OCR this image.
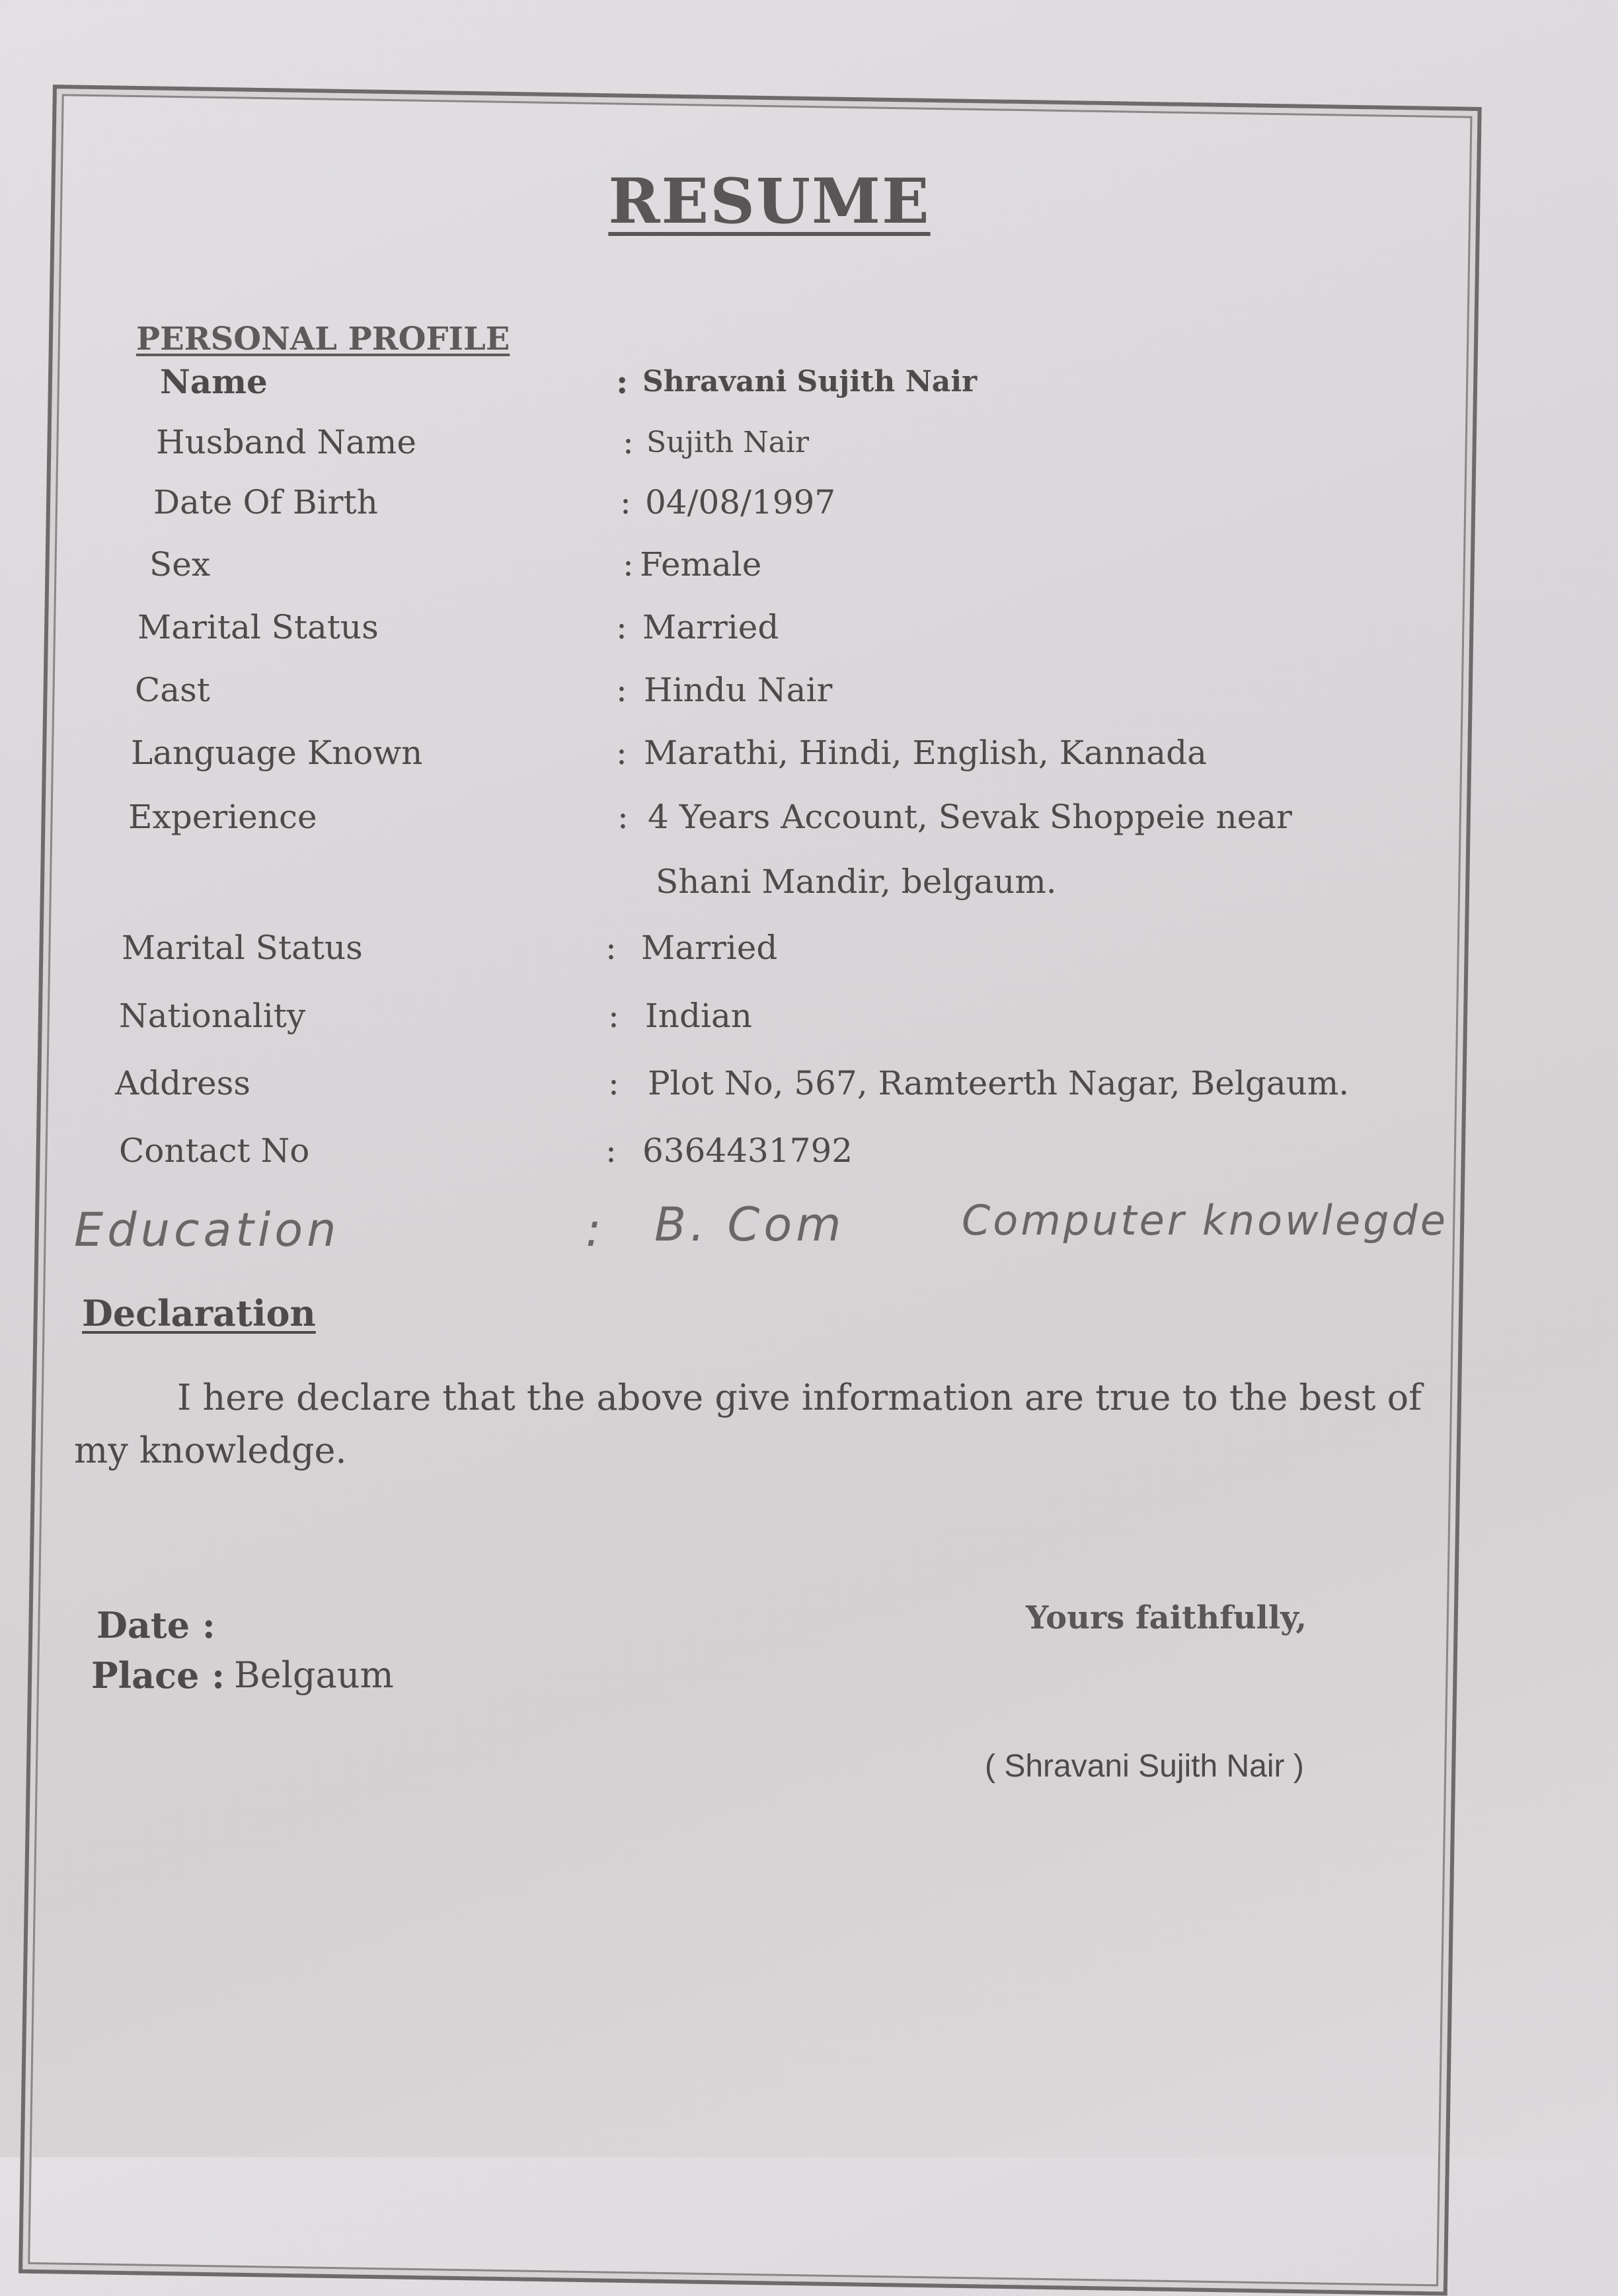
RESUME
PERSONAL PROFILE
Name	: Shravani Sujith Nair
Husband Name	: Sujith Nair
Date Of Birth	: 04/08/1997
Sex	: Female
Marital Status	: Married
Cast	: Hindu Nair
Language Known	: Marathi, Hindi, English, Kannada
Experience	: 4 Years Account, Sevak Shoppeie near
Shani Mandir, belgaum.
Marital Status	: Married
Nationality	: Indian
Address	: Plot No, 567, Ramteerth Nagar, Belgaum.
Contact No	: 6364431792
Education	: B. Com	Computer knowlegde
Declaration
I here declare that the above give information are true to the best of my knowledge.
Date :
Place : Belgaum
Yours faithfully,
( Shravani Sujith Nair )
